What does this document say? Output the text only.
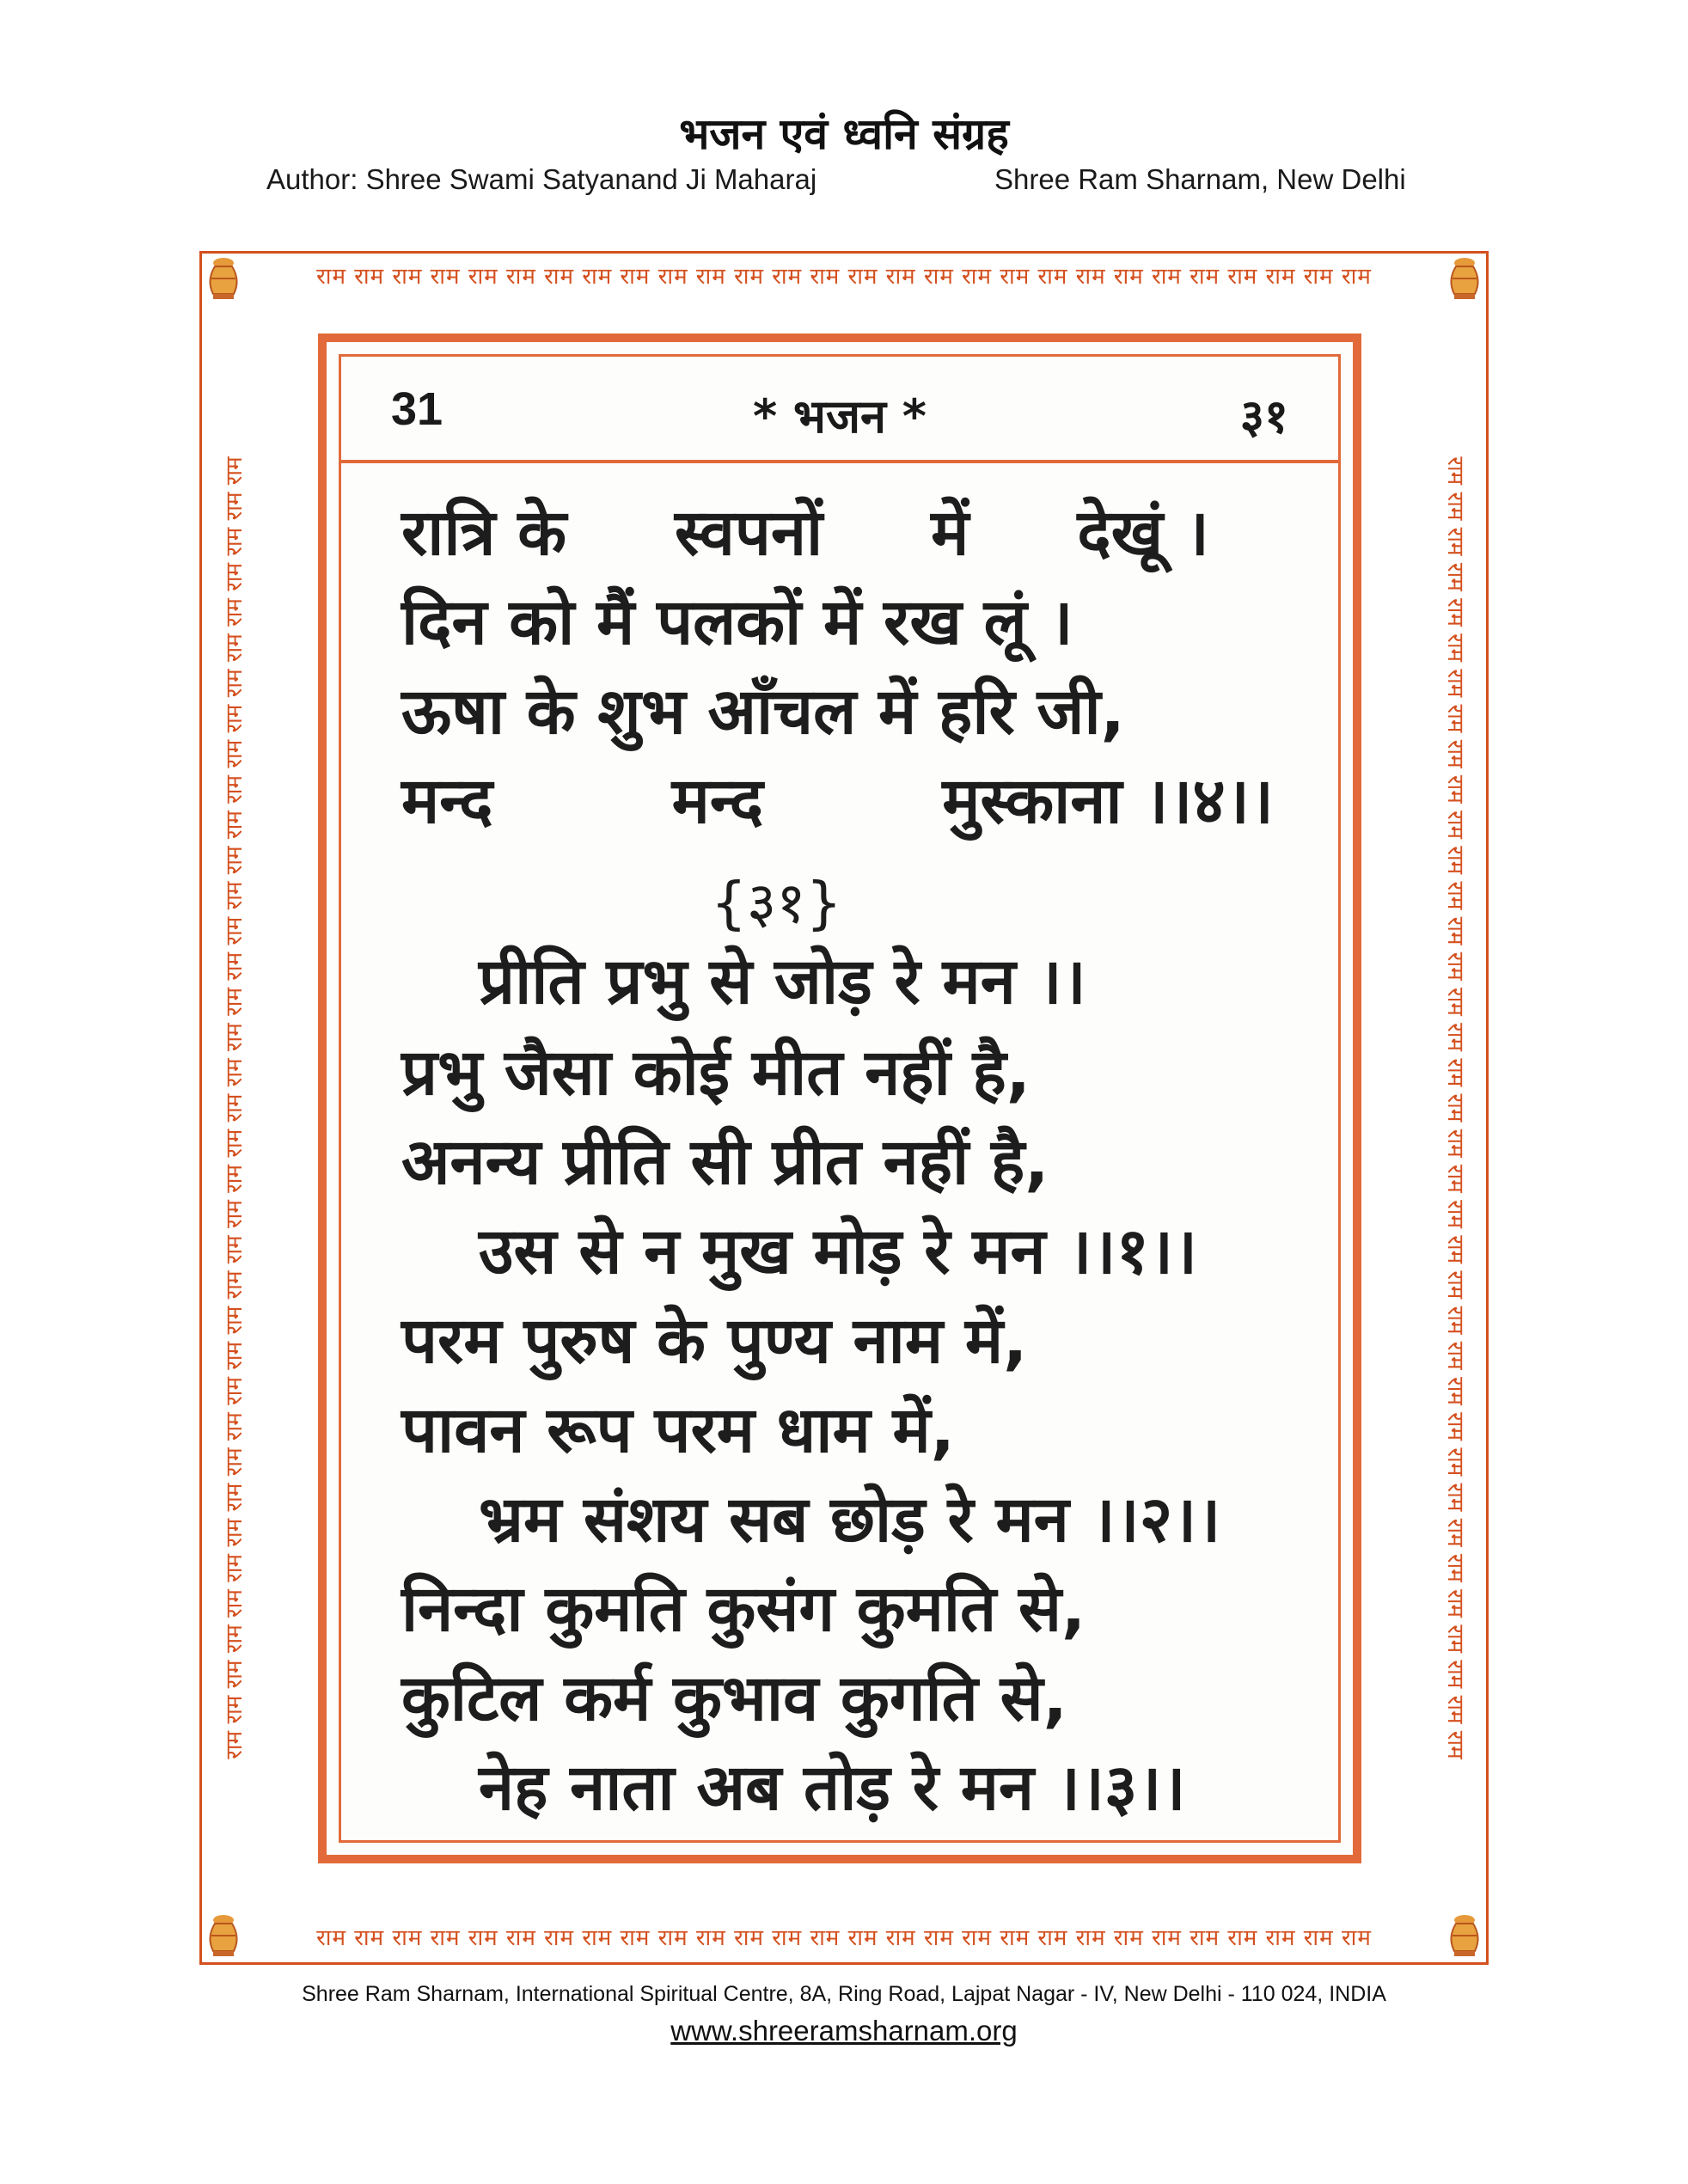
भजन एवं ध्वनि संग्रह
Author: Shree Swami Satyanand Ji Maharaj	Shree Ram Sharnam, New Delhi
राम राम राम राम राम राम राम राम राम राम राम राम राम राम राम राम राम राम राम राम राम राम राम राम राम राम राम राम
राम राम राम राम राम राम राम राम राम राम राम राम राम राम राम राम राम राम राम राम राम राम राम राम राम राम राम राम
राम राम राम राम राम राम राम राम राम राम राम राम राम राम राम राम राम राम राम राम राम राम राम राम राम राम राम राम राम राम राम राम राम राम राम राम राम	राम राम राम राम राम राम राम राम राम राम राम राम राम राम राम राम राम राम राम राम राम राम राम राम राम राम राम राम राम राम राम राम राम राम राम राम राम
31	* भजन *	३१
रात्रि के स्वपनों में देखूं ।
दिन को मैं पलकों में रख लूं ।
ऊषा के शुभ आँचल में हरि जी,
मन्द	मन्द	मुस्काना ।।४।।
{३१}
प्रीति प्रभु से जोड़ रे मन ।।
प्रभु जैसा कोई मीत नहीं है,
अनन्य प्रीति सी प्रीत नहीं है,
उस से न मुख मोड़ रे मन ।।१।।
परम पुरुष के पुण्य नाम में,
पावन रूप परम धाम में,
भ्रम संशय सब छोड़ रे मन ।।२।।
निन्दा कुमति कुसंग कुमति से,
कुटिल कर्म कुभाव कुगति से,
नेह नाता अब तोड़ रे मन ।।३।।
Shree Ram Sharnam, International Spiritual Centre, 8A, Ring Road, Lajpat Nagar - IV, New Delhi - 110 024, INDIA
www.shreeramsharnam.org
